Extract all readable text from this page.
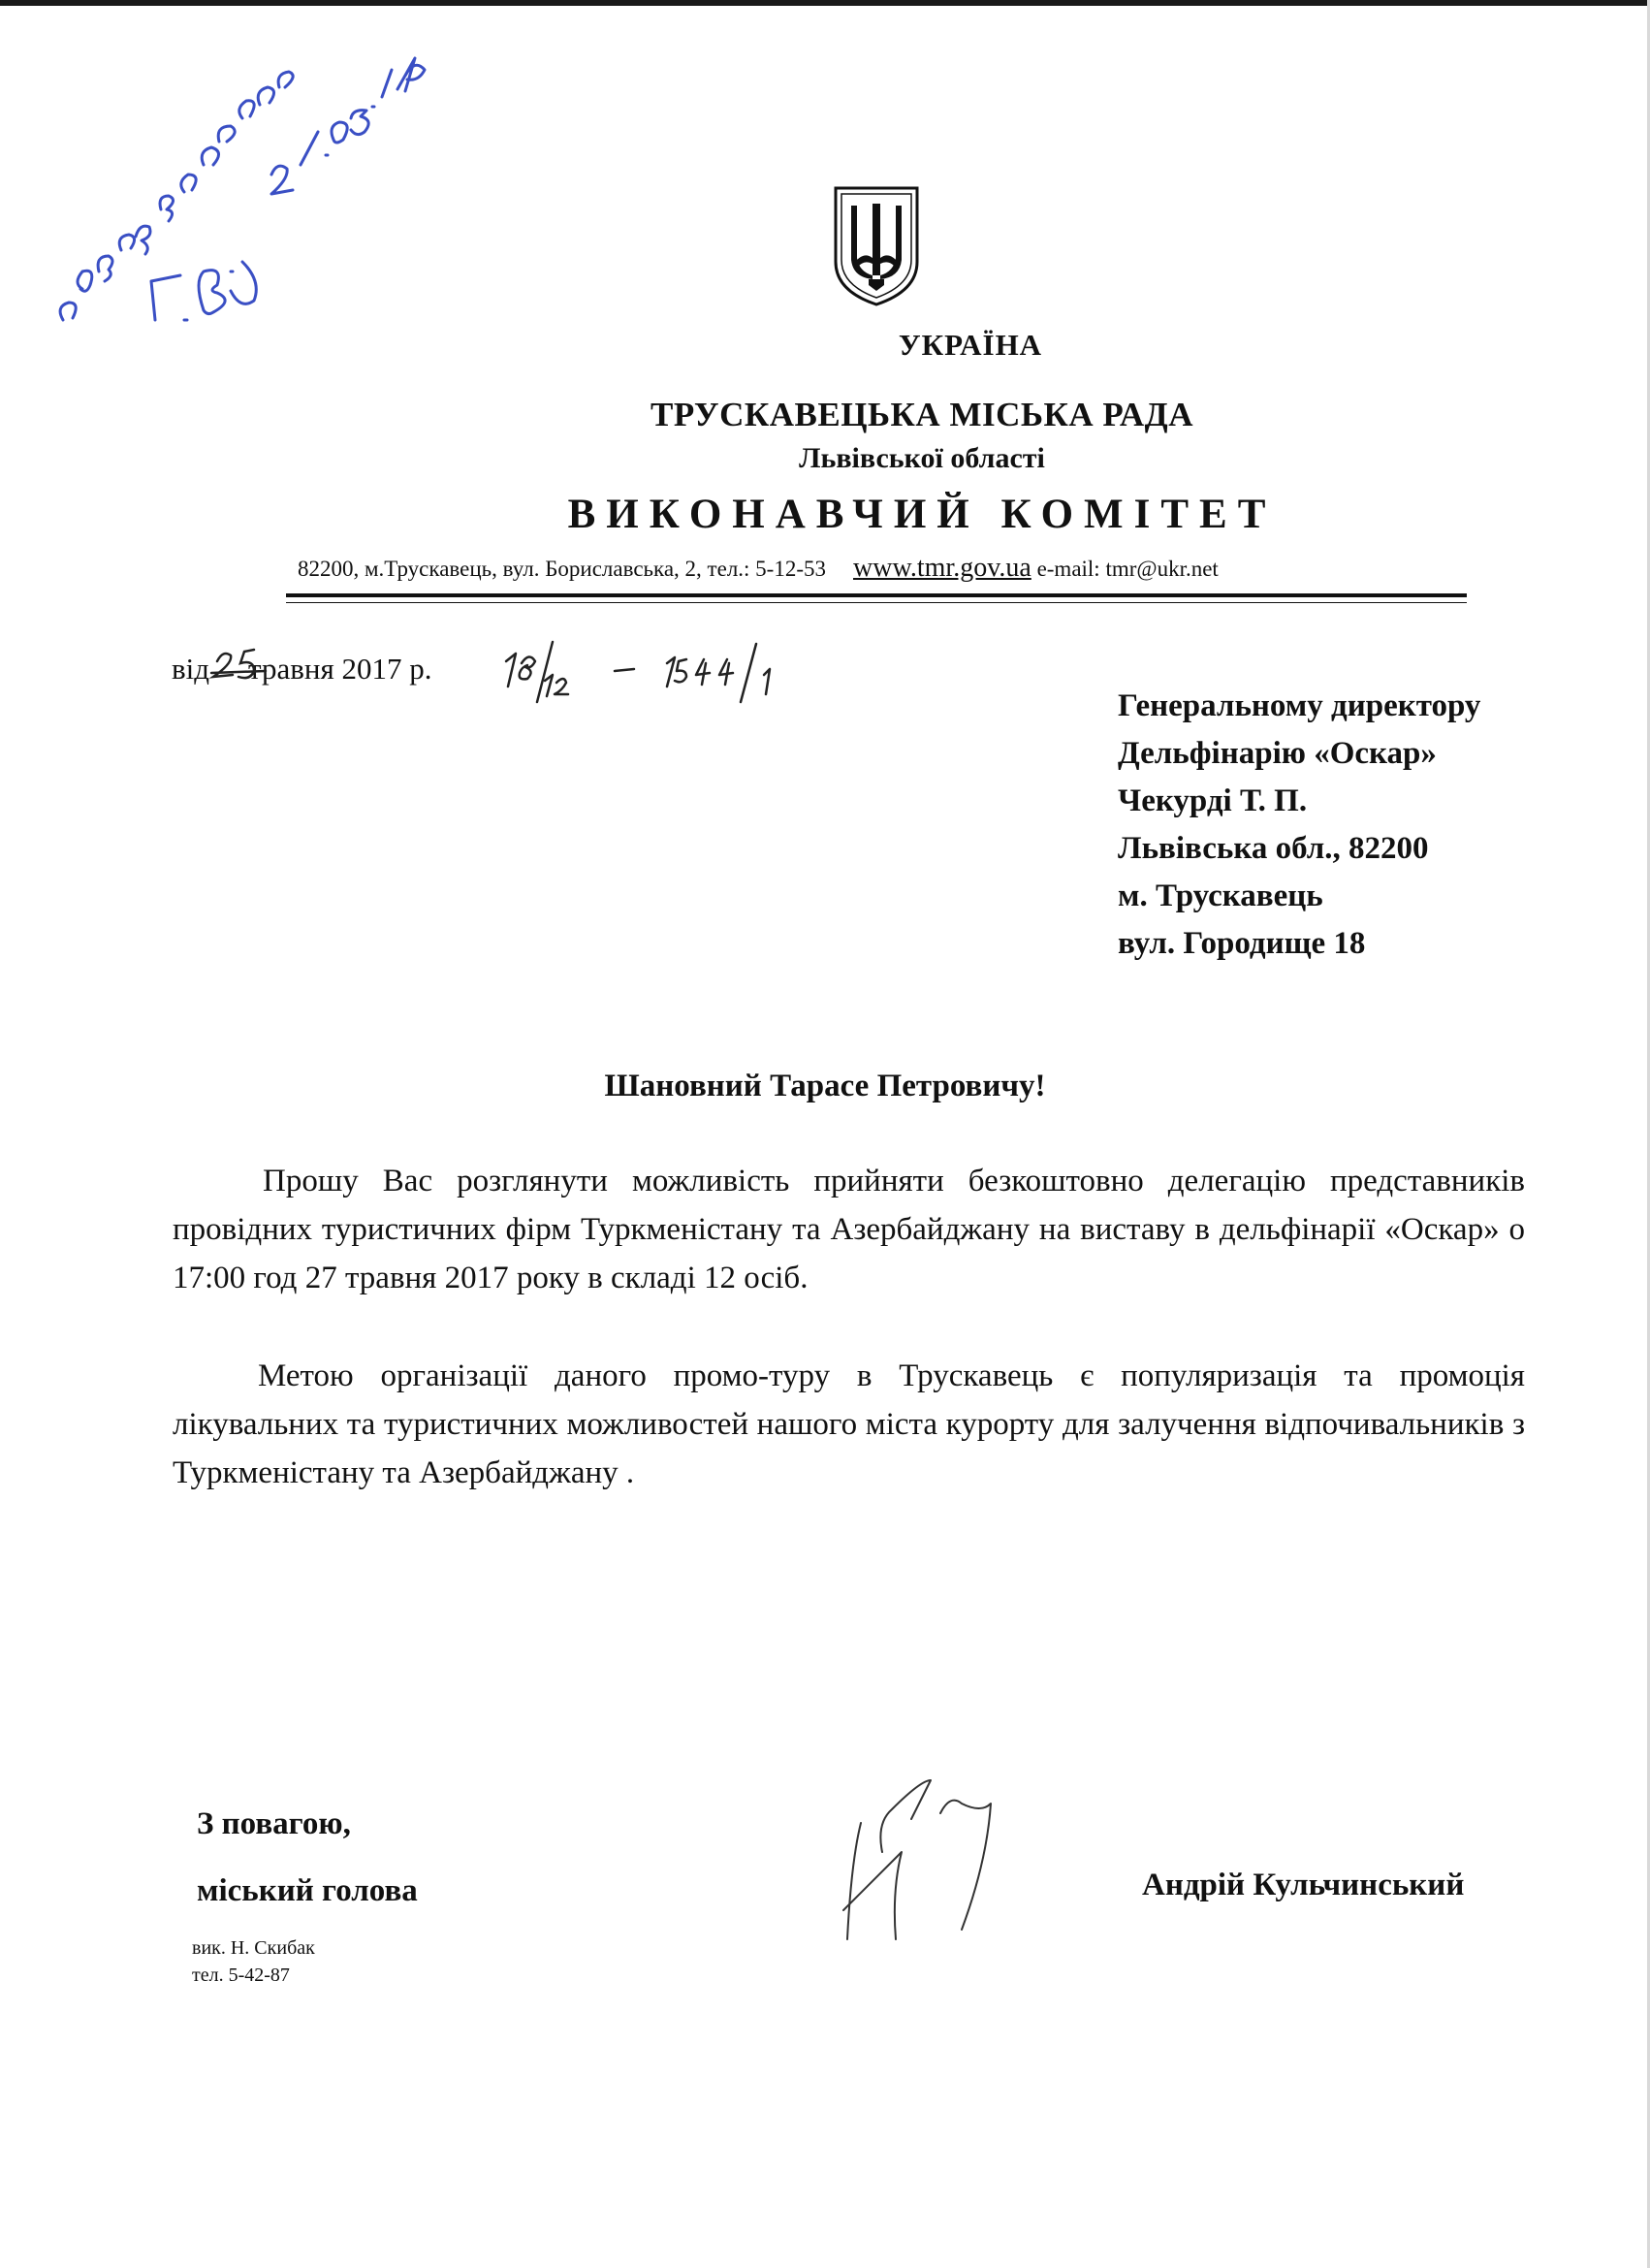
УКРАЇНА
ТРУСКАВЕЦЬКА МІСЬКА РАДА
Львівської області
ВИКОНАВЧИЙ КОМІТЕТ
82200, м.Трускавець, вул. Бориславська, 2, тел.: 5-12-53 www.tmr.gov.ua e-mail: tmr@ukr.net
від травня 2017 р.
Генеральному директору
Дельфінарію «Оскар»
Чекурді Т. П.
Львівська обл., 82200
м. Трускавець
вул. Городище 18
Шановний Тарасе Петровичу!
Прошу Вас розглянути можливість прийняти безкоштовно делегацію представників провідних туристичних фірм Туркменістану та Азербайджану на виставу в дельфінарії «Оскар» о 17:00 год 27 травня 2017 року в складі 12 осіб.
Метою організації даного промо-туру в Трускавець є популяризація та промоція лікувальних та туристичних можливостей нашого міста курорту для залучення відпочивальників з Туркменістану та Азербайджану .
З повагою,
міський голова	Андрій Кульчинський
вик. Н. Скибак
тел. 5-42-87
